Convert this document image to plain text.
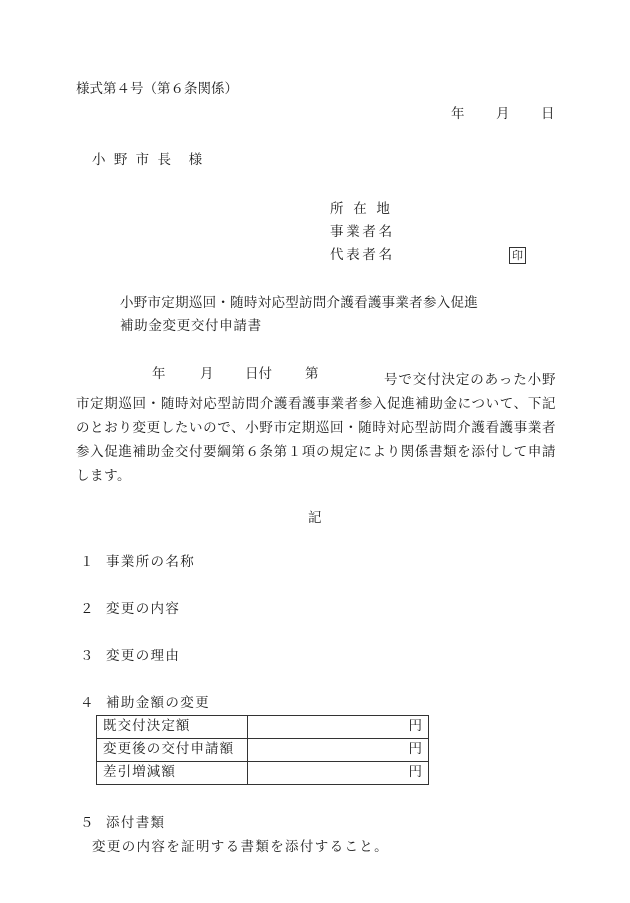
様式第４号（第６条関係）
年 月 日
小 野 市 長　様
所 在 地
事業者名
代表者名	印
小野市定期巡回・随時対応型訪問介護看護事業者参入促進
補助金変更交付申請書
年	月 日付 第	号で交付決定のあった小野市定期巡回・随時対応型訪問介護看護事業者参入促進補助金について、下記のとおり変更したいので、小野市定期巡回・随時対応型訪問介護看護事業者参入促進補助金交付要綱第６条第１項の規定により関係書類を添付して申請します。
記
１ 事業所の名称
２ 変更の内容
３ 変更の理由
４ 補助金額の変更
既交付決定額	円
変更後の交付申請額	円
差引増減額	円
５ 添付書類
変更の内容を証明する書類を添付すること。
